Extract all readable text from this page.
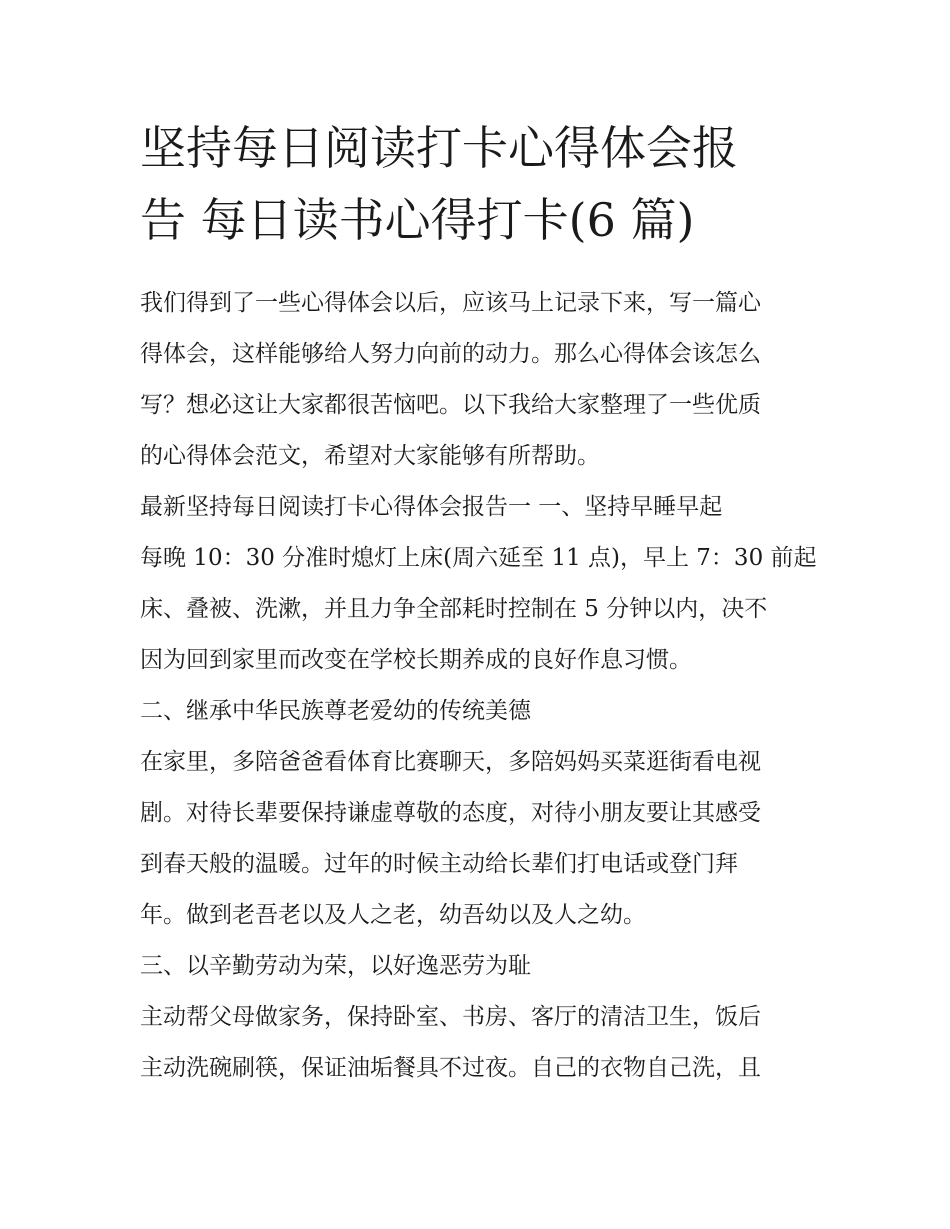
坚持每日阅读打卡心得体会报
告 每日读书心得打卡(6 篇)
我们得到了一些心得体会以后，应该马上记录下来，写一篇心
得体会，这样能够给人努力向前的动力。那么心得体会该怎么
写？想必这让大家都很苦恼吧。以下我给大家整理了一些优质
的心得体会范文，希望对大家能够有所帮助。
最新坚持每日阅读打卡心得体会报告一 一、坚持早睡早起
每晚 10：30 分准时熄灯上床(周六延至 11 点)，早上 7：30 前起
床、叠被、洗漱，并且力争全部耗时控制在 5 分钟以内，决不
因为回到家里而改变在学校长期养成的良好作息习惯。
二、继承中华民族尊老爱幼的传统美德
在家里，多陪爸爸看体育比赛聊天，多陪妈妈买菜逛街看电视
剧。对待长辈要保持谦虚尊敬的态度，对待小朋友要让其感受
到春天般的温暖。过年的时候主动给长辈们打电话或登门拜
年。做到老吾老以及人之老，幼吾幼以及人之幼。
三、以辛勤劳动为荣，以好逸恶劳为耻
主动帮父母做家务，保持卧室、书房、客厅的清洁卫生，饭后
主动洗碗刷筷，保证油垢餐具不过夜。自己的衣物自己洗，且
